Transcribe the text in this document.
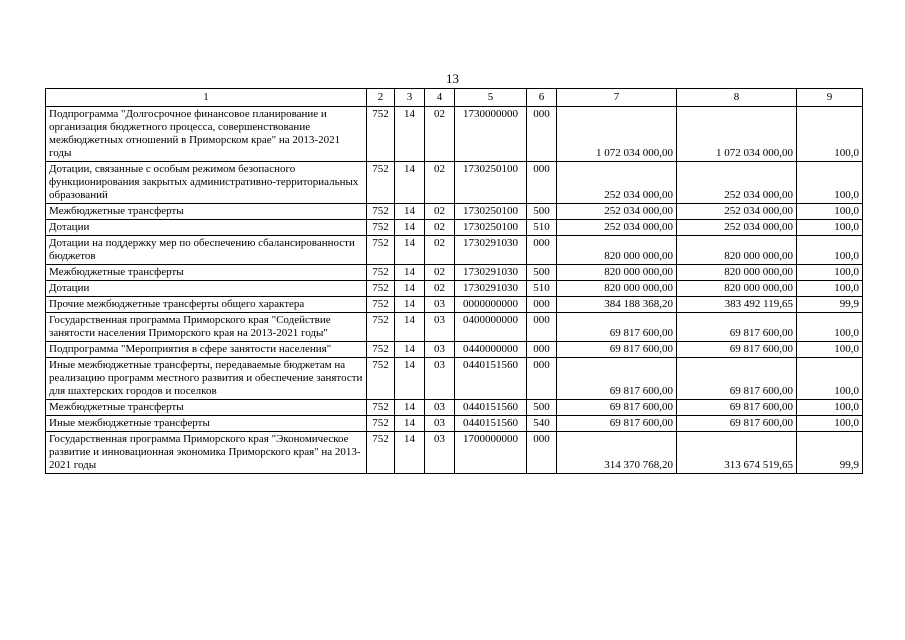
13
1	2	3	4	5	6	7	8	9
Подпрограмма "Долгосрочное финансовое планирование и организация бюджетного процесса, совершенствование межбюджетных отношений в Приморском крае" на 2013-2021 годы	752	14	02	1730000000	000	1 072 034 000,00	1 072 034 000,00	100,0
Дотации, связанные с особым режимом безопасного функционирования закрытых административно-территориальных образований	752	14	02	1730250100	000	252 034 000,00	252 034 000,00	100,0
Межбюджетные трансферты	752	14	02	1730250100	500	252 034 000,00	252 034 000,00	100,0
Дотации	752	14	02	1730250100	510	252 034 000,00	252 034 000,00	100,0
Дотации на поддержку мер по обеспечению сбалансированности бюджетов	752	14	02	1730291030	000	820 000 000,00	820 000 000,00	100,0
Межбюджетные трансферты	752	14	02	1730291030	500	820 000 000,00	820 000 000,00	100,0
Дотации	752	14	02	1730291030	510	820 000 000,00	820 000 000,00	100,0
Прочие межбюджетные трансферты общего характера	752	14	03	0000000000	000	384 188 368,20	383 492 119,65	99,9
Государственная программа Приморского края "Содействие занятости населения Приморского края на 2013-2021 годы"	752	14	03	0400000000	000	69 817 600,00	69 817 600,00	100,0
Подпрограмма "Мероприятия в сфере занятости населения"	752	14	03	0440000000	000	69 817 600,00	69 817 600,00	100,0
Иные межбюджетные трансферты, передаваемые бюджетам на реализацию программ местного развития и обеспечение занятости для шахтерских городов и поселков	752	14	03	0440151560	000	69 817 600,00	69 817 600,00	100,0
Межбюджетные трансферты	752	14	03	0440151560	500	69 817 600,00	69 817 600,00	100,0
Иные межбюджетные трансферты	752	14	03	0440151560	540	69 817 600,00	69 817 600,00	100,0
Государственная программа Приморского края "Экономическое развитие и инновационная экономика Приморского края" на 2013-2021 годы	752	14	03	1700000000	000	314 370 768,20	313 674 519,65	99,9
